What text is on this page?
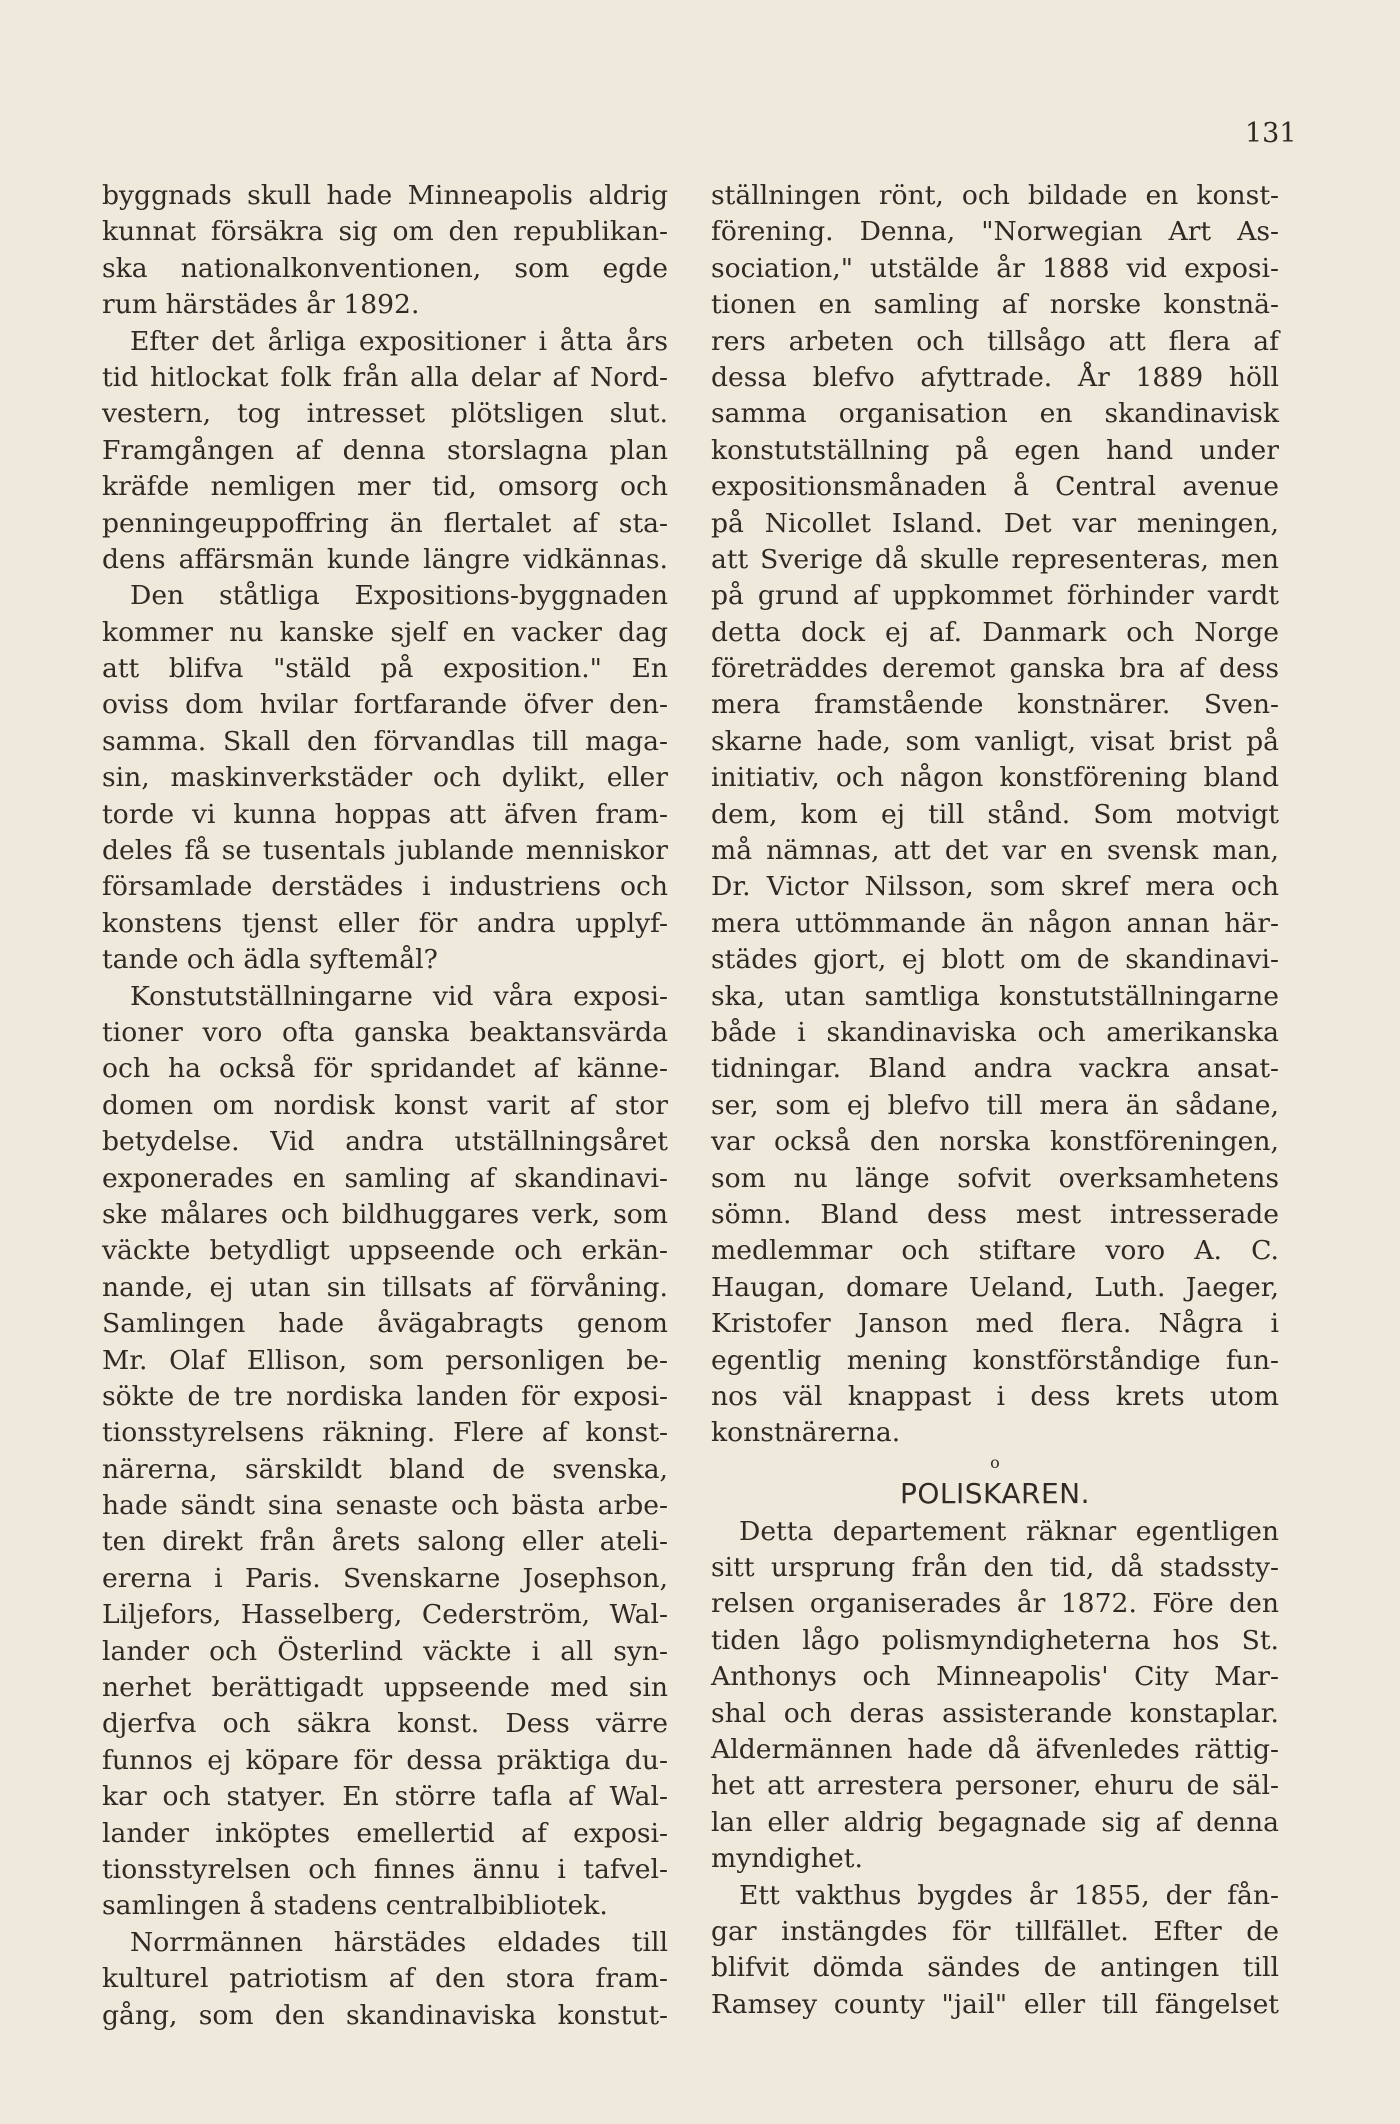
131
byggnads skull hade Minneapolis aldrig
kunnat försäkra sig om den republikan-
ska nationalkonventionen, som egde
rum härstädes år 1892.
Efter det årliga expositioner i åtta års
tid hitlockat folk från alla delar af Nord-
vestern, tog intresset plötsligen slut.
Framgången af denna storslagna plan
kräfde nemligen mer tid, omsorg och
penningeuppoffring än flertalet af sta-
dens affärsmän kunde längre vidkännas.
Den ståtliga Expositions-byggnaden
kommer nu kanske sjelf en vacker dag
att blifva "stäld på exposition." En
oviss dom hvilar fortfarande öfver den-
samma. Skall den förvandlas till maga-
sin, maskinverkstäder och dylikt, eller
torde vi kunna hoppas att äfven fram-
deles få se tusentals jublande menniskor
församlade derstädes i industriens och
konstens tjenst eller för andra upplyf-
tande och ädla syftemål?
Konstutställningarne vid våra exposi-
tioner voro ofta ganska beaktansvärda
och ha också för spridandet af känne-
domen om nordisk konst varit af stor
betydelse. Vid andra utställningsåret
exponerades en samling af skandinavi-
ske målares och bildhuggares verk, som
väckte betydligt uppseende och erkän-
nande, ej utan sin tillsats af förvåning.
Samlingen hade åvägabragts genom
Mr. Olaf Ellison, som personligen be-
sökte de tre nordiska landen för exposi-
tionsstyrelsens räkning. Flere af konst-
närerna, särskildt bland de svenska,
hade sändt sina senaste och bästa arbe-
ten direkt från årets salong eller ateli-
ererna i Paris. Svenskarne Josephson,
Liljefors, Hasselberg, Cederström, Wal-
lander och Österlind väckte i all syn-
nerhet berättigadt uppseende med sin
djerfva och säkra konst. Dess värre
funnos ej köpare för dessa präktiga du-
kar och statyer. En större tafla af Wal-
lander inköptes emellertid af exposi-
tionsstyrelsen och finnes ännu i tafvel-
samlingen å stadens centralbibliotek.
Norrmännen härstädes eldades till
kulturel patriotism af den stora fram-
gång, som den skandinaviska konstut-
ställningen rönt, och bildade en konst-
förening. Denna, "Norwegian Art As-
sociation," utstälde år 1888 vid exposi-
tionen en samling af norske konstnä-
rers arbeten och tillsågo att flera af
dessa blefvo afyttrade. År 1889 höll
samma organisation en skandinavisk
konstutställning på egen hand under
expositionsmånaden å Central avenue
på Nicollet Island. Det var meningen,
att Sverige då skulle representeras, men
på grund af uppkommet förhinder vardt
detta dock ej af. Danmark och Norge
företräddes deremot ganska bra af dess
mera framstående konstnärer. Sven-
skarne hade, som vanligt, visat brist på
initiativ, och någon konstförening bland
dem, kom ej till stånd. Som motvigt
må nämnas, att det var en svensk man,
Dr. Victor Nilsson, som skref mera och
mera uttömmande än någon annan här-
städes gjort, ej blott om de skandinavi-
ska, utan samtliga konstutställningarne
både i skandinaviska och amerikanska
tidningar. Bland andra vackra ansat-
ser, som ej blefvo till mera än sådane,
var också den norska konstföreningen,
som nu länge sofvit overksamhetens
sömn. Bland dess mest intresserade
medlemmar och stiftare voro A. C.
Haugan, domare Ueland, Luth. Jaeger,
Kristofer Janson med flera. Några i
egentlig mening konstförståndige fun-
nos väl knappast i dess krets utom
konstnärerna.
o
POLISKAREN.
Detta departement räknar egentligen
sitt ursprung från den tid, då stadssty-
relsen organiserades år 1872. Före den
tiden lågo polismyndigheterna hos St.
Anthonys och Minneapolis' City Mar-
shal och deras assisterande konstaplar.
Aldermännen hade då äfvenledes rättig-
het att arrestera personer, ehuru de säl-
lan eller aldrig begagnade sig af denna
myndighet.
Ett vakthus bygdes år 1855, der fån-
gar instängdes för tillfället. Efter de
blifvit dömda sändes de antingen till
Ramsey county "jail" eller till fängelset
